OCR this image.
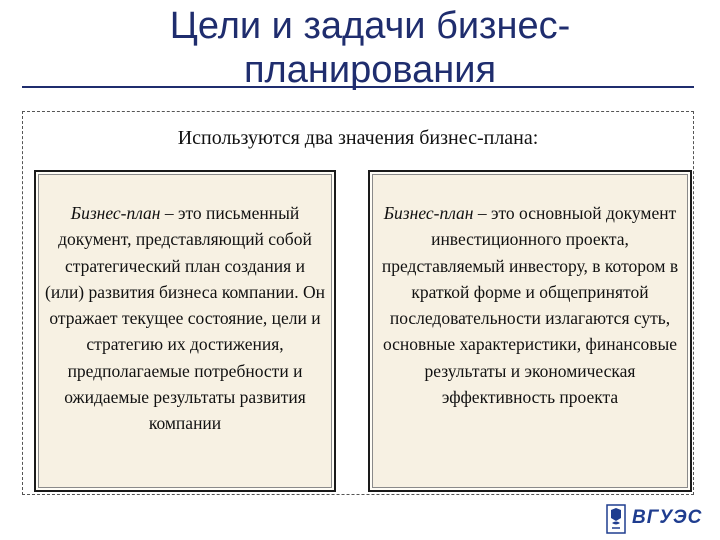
Цели и задачи бизнес-
планирования
Используются два значения бизнес-плана:
Бизнес-план – это письменный документ, представляющий собой стратегический план создания и (или) развития бизнеса компании. Он отражает текущее состояние, цели и стратегию их достижения, предполагаемые потребности и ожидаемые результаты развития компании
Бизнес-план – это основныой документ инвестиционного проекта, представляемый инвестору, в котором в краткой форме и общепринятой последовательности излагаются суть, основные характеристики, финансовые результаты и экономическая эффективность проекта
ВГУЭС
